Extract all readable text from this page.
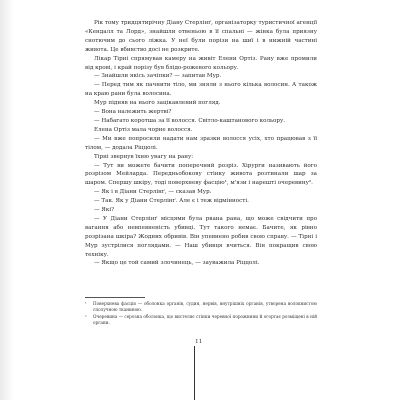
Рік тому тридцятирічну Діану Стерлінґ, організаторку туристичної агенції «Кендалл та Лорд», знайшли отвеньою в її спальні — жінка була приязну снотючим до сього ліжка. У неї були порізи на шиї і в нижній частині живота. Це вбивство досі не розкрите.

Лікар Тірні спрямував камеру на живіт Елени Ортіз. Рану вже промили від крові, і край порізу був блідо-рожевого кольору.

— Знайшли якісь зачіпки? — запитав Мур.

— Перед тим як пачнити тіло, ми зняли з нього кілька волосин. А також на краю рани була волосина.

Мур підняв на нього зацікавлений погляд.

— Вона належить жертві?

— Набагато коротша за її волосся. Світло-каштанового кольору.

Елена Ортіз мала чорне волосся.

— Ми вже попросили надати нам зразки волосся усіх, хто працював з її тілом, — додала Ріццолі.

Тірні звернув їхню увагу на рану:

— Тут ви можете бачити поперечний розріз. Хірурги називають його розрізом Мейларда. Передньобокову стінку живота розтинали шар за шаром. Спершу шкіру, тоді поверхневу фасцію¹, м'язи і нарешті очеревину².

— Як і в Діани Стерлінґ, — сказав Мур.

— Так. Як у Діани Стерлінґ. Але є і теж відмінності.

— Які?

— У Діани Стерлінґ місцями була рвана рана, що може свідчити про вагання або невпевненість убивці. Тут такого немає. Бачите, як рівно розрізана шкіра? Жодних обривів. Він упевнено робив свою справу. — Тірні і Мур зустрілися поглядами. — Наш убивця вчиться. Він покращив свою техніку.

— Якщо це той самий злочинець, — зауважила Ріццолі.

¹ Поверхнева фасція — оболонка органів, судин, нервів, внутрішніх органів, утворена волокнистою сполучною тканиною.

² Очеревина — серозна оболонка, що вистеляє стінки черевної порожнини й огортає розміщені в ній органи.

11
